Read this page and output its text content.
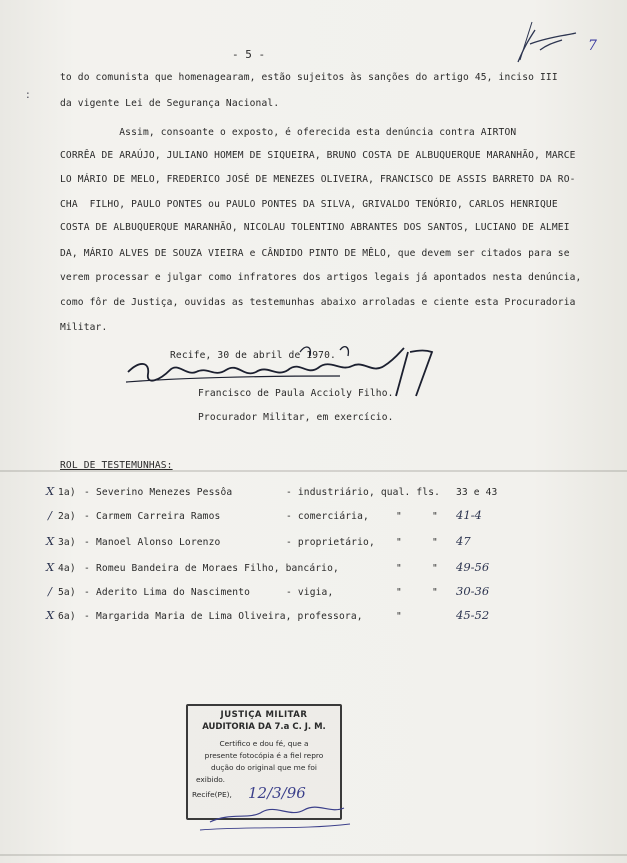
7
- 5 -
:
to do comunista que homenagearam, estão sujeitos às sanções do artigo 45, inciso III
da vigente Lei de Segurança Nacional.
Assim, consoante o exposto, é oferecida esta denúncia contra AIRTON
CORRÊA DE ARAÚJO, JULIANO HOMEM DE SIQUEIRA, BRUNO COSTA DE ALBUQUERQUE MARANHÃO, MARCE
LO MÁRIO DE MELO, FREDERICO JOSÉ DE MENEZES OLIVEIRA, FRANCISCO DE ASSIS BARRETO DA RO-
CHA  FILHO, PAULO PONTES ou PAULO PONTES DA SILVA, GRIVALDO TENÓRIO, CARLOS HENRIQUE
COSTA DE ALBUQUERQUE MARANHÃO, NICOLAU TOLENTINO ABRANTES DOS SANTOS, LUCIANO DE ALMEI
DA, MÁRIO ALVES DE SOUZA VIEIRA e CÂNDIDO PINTO DE MÊLO, que devem ser citados para se
verem processar e julgar como infratores dos artigos legais já apontados nesta denúncia,
como fôr de Justiça, ouvidas as testemunhas abaixo arroladas e ciente esta Procuradoria
Militar.
Recife, 30 de abril de 1970.
Francisco de Paula Accioly Filho.
Procurador Militar, em exercício.
ROL DE TESTEMUNHAS:
X 1a) - Severino Menezes Pessôa	- industriário, qual. fls. 33 e 43
/ 2a) - Carmem Carreira Ramos	- comerciária,	"	" 41-4
X 3a) - Manoel Alonso Lorenzo	- proprietário, "	" 47
X 4a) - Romeu Bandeira de Moraes Filho, bancário,	"	" 49-56
/ 5a) - Aderito Lima do Nascimento	- vigia,	"	" 30-36
X 6a) - Margarida Maria de Lima Oliveira, professora,	"	45-52
JUSTIÇA MILITAR
AUDITORIA DA 7.a C. J. M.
Certifico e dou fé, que a
presente fotocópia é a fiel repro
dução do original que me foi
exibido.
Recife(PE),	12/3/96
